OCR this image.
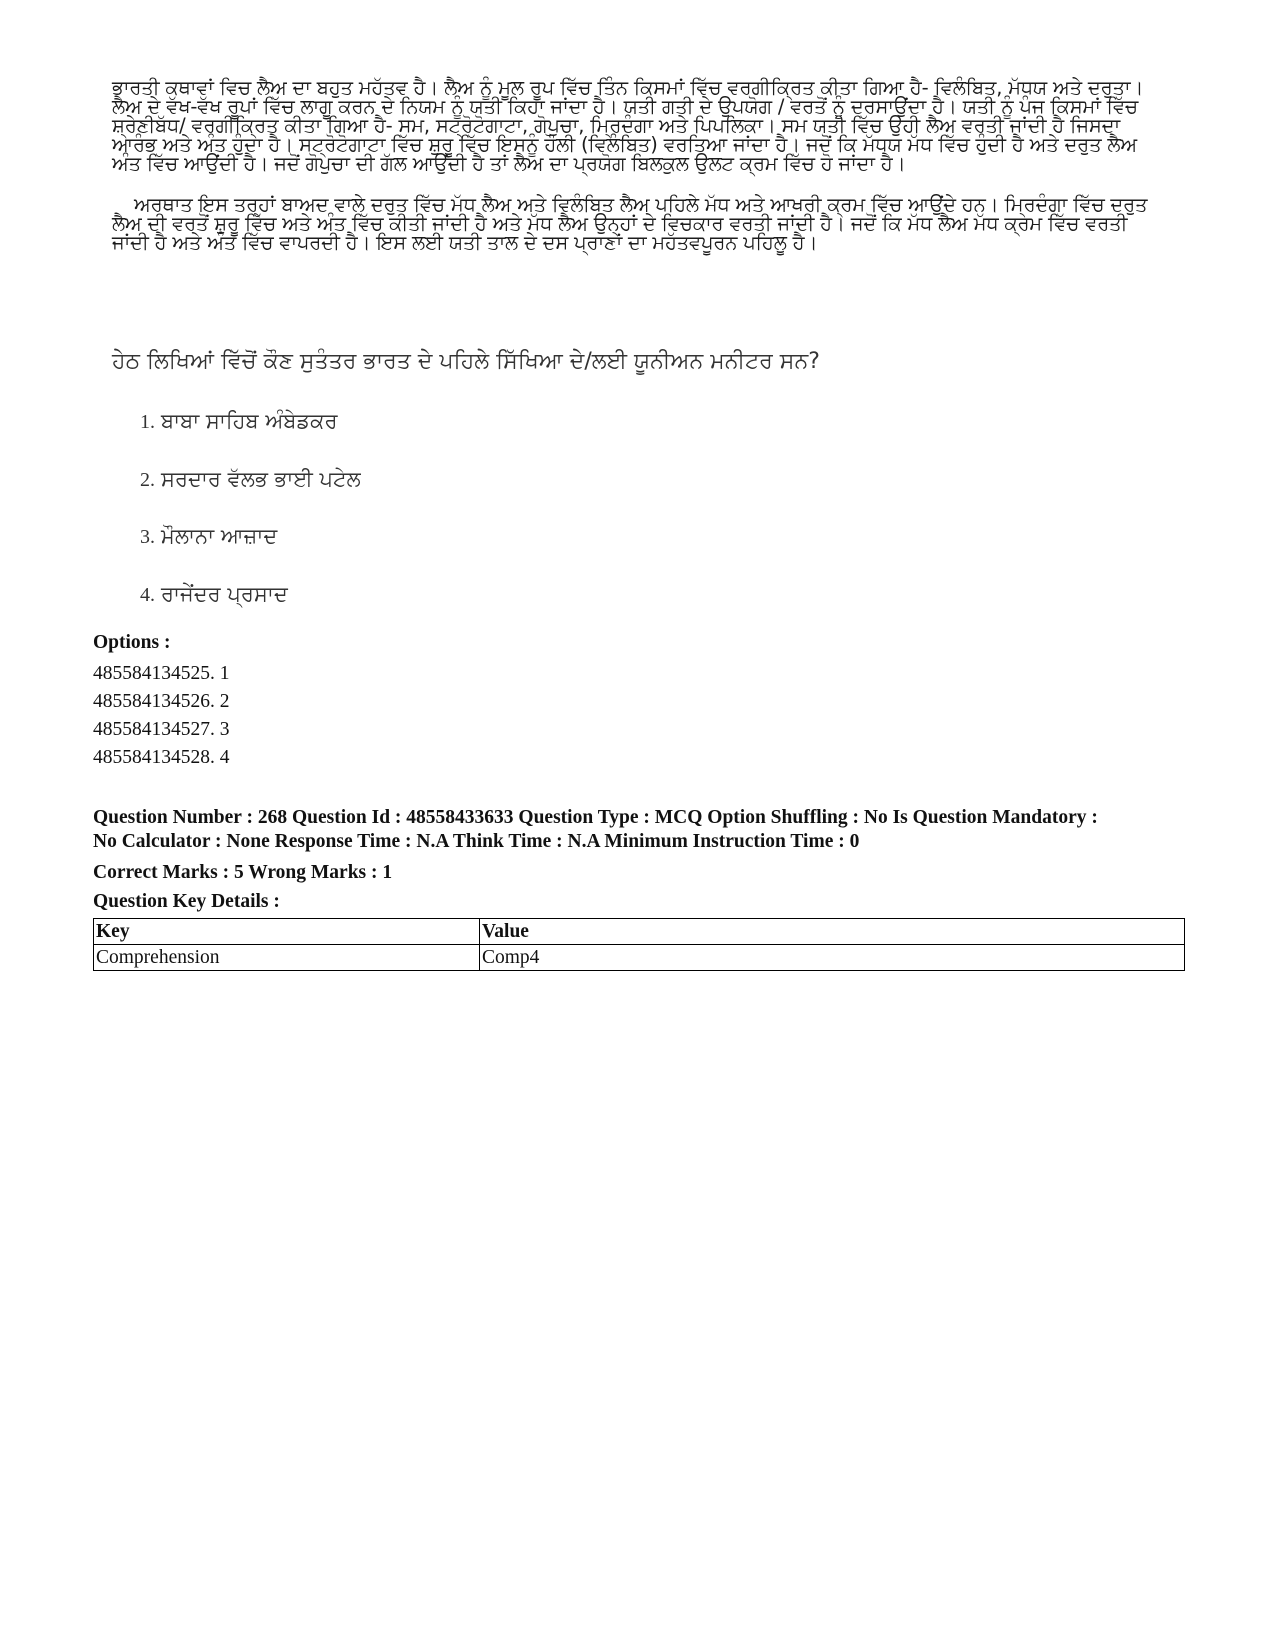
ਭਾਰਤੀ ਕਥਾਵਾਂ ਵਿਚ ਲੈਅ ਦਾ ਬਹੁਤ ਮਹੱਤਵ ਹੈ। ਲੈਅ ਨੂੰ ਮੂਲ ਰੂਪ ਵਿੱਚ ਤਿੰਨ ਕਿਸਮਾਂ ਵਿੱਚ ਵਰਗੀਕ੍ਰਿਤ ਕੀਤਾ ਗਿਆ ਹੈ- ਵਿਲੰਬਿਤ, ਮੱਧਯ ਅਤੇ ਦਰੁਤਾ। ਲੈਅ ਦੇ ਵੱਖ-ਵੱਖ ਰੂਪਾਂ ਵਿੱਚ ਲਾਗੂ ਕਰਨ ਦੇ ਨਿਯਮ ਨੂੰ ਯਤੀ ਕਿਹਾ ਜਾਂਦਾ ਹੈ। ਯਤੀ ਗਤੀ ਦੇ ਉਪਯੋਗ / ਵਰਤੋਂ ਨੂੰ ਦਰਸਾਉਂਦਾ ਹੈ। ਯਤੀ ਨੂੰ ਪੰਜ ਕਿਸਮਾਂ ਵਿੱਚ ਸ਼੍ਰੇਣੀਬੱਧ/ ਵਰਗੀਕ੍ਰਿਤ ਕੀਤਾ ਗਿਆ ਹੈ- ਸਮ, ਸਟ੍ਰੋਟੋਗਾਟਾ, ਗੋਪੁਚਾ, ਮ੍ਰਿਦੰਗਾ ਅਤੇ ਪਿਪਲਿਕਾ। ਸਮ ਯਤੀ ਵਿੱਚ ਉਹੀ ਲੈਅ ਵਰਤੀ ਜਾਂਦੀ ਹੈ ਜਿਸਦਾ ਆਰੰਭ ਅਤੇ ਅੰਤ ਹੁੰਦਾ ਹੈ। ਸਟ੍ਰੋਟੋਗਾਟਾ ਵਿੱਚ ਸ਼ੁਰੂ ਵਿੱਚ ਇਸਨੂੰ ਹੌਲੀ (ਵਿਲੰਬਿਤ) ਵਰਤਿਆ ਜਾਂਦਾ ਹੈ। ਜਦੋਂ ਕਿ ਮੱਧਯ ਮੱਧ ਵਿੱਚ ਹੁੰਦੀ ਹੈ ਅਤੇ ਦਰੁਤ ਲੈਅ ਅੰਤ ਵਿੱਚ ਆਉਂਦੀ ਹੈ। ਜਦੋਂ ਗੋਪੁਚਾ ਦੀ ਗੱਲ ਆਉਂਦੀ ਹੈ ਤਾਂ ਲੈਅ ਦਾ ਪ੍ਰਯੋਗ ਬਿਲਕੁਲ ਉਲਟ ਕ੍ਰਮ ਵਿੱਚ ਹੋ ਜਾਂਦਾ ਹੈ।

ਅਰਥਾਤ ਇਸ ਤਰ੍ਹਾਂ ਬਾਅਦ ਵਾਲੇ ਦਰੁਤ ਵਿੱਚ ਮੱਧ ਲੈਅ ਅਤੇ ਵਿਲੰਬਿਤ ਲੈਅ ਪਹਿਲੇ ਮੱਧ ਅਤੇ ਆਖਰੀ ਕ੍ਰਮ ਵਿੱਚ ਆਉਂਦੇ ਹਨ। ਮ੍ਰਿਦੰਗਾ ਵਿੱਚ ਦਰੁਤ ਲੈਅ ਦੀ ਵਰਤੋਂ ਸ਼ੁਰੂ ਵਿੱਚ ਅਤੇ ਅੰਤ ਵਿੱਚ ਕੀਤੀ ਜਾਂਦੀ ਹੈ ਅਤੇ ਮੱਧ ਲੈਅ ਉਨ੍ਹਾਂ ਦੇ ਵਿਚਕਾਰ ਵਰਤੀ ਜਾਂਦੀ ਹੈ। ਜਦੋਂ ਕਿ ਮੱਧ ਲੈਅ ਮੱਧ ਕ੍ਰਮ ਵਿੱਚ ਵਰਤੀ ਜਾਂਦੀ ਹੈ ਅਤੇ ਅੰਤ ਵਿੱਚ ਵਾਪਰਦੀ ਹੈ। ਇਸ ਲਈ ਯਤੀ ਤਾਲ ਦੇ ਦਸ ਪ੍ਰਾਣਾਂ ਦਾ ਮਹੱਤਵਪੂਰਨ ਪਹਿਲੂ ਹੈ।

ਹੇਠ ਲਿਖਿਆਂ ਵਿੱਚੋਂ ਕੌਣ ਸੁਤੰਤਰ ਭਾਰਤ ਦੇ ਪਹਿਲੇ ਸਿੱਖਿਆ ਦੇ/ਲਈ ਯੂਨੀਅਨ ਮਨੀਟਰ ਸਨ?
1. ਬਾਬਾ ਸਾਹਿਬ ਅੰਬੇਡਕਰ
2. ਸਰਦਾਰ ਵੱਲਭ ਭਾਈ ਪਟੇਲ
3. ਮੌਲਾਨਾ ਆਜ਼ਾਦ
4. ਰਾਜੇਂਦਰ ਪ੍ਰਸਾਦ
Options :
485584134525. 1
485584134526. 2
485584134527. 3
485584134528. 4
Question Number : 268 Question Id : 48558433633 Question Type : MCQ Option Shuffling : No Is Question Mandatory :
No Calculator : None Response Time : N.A Think Time : N.A Minimum Instruction Time : 0
Correct Marks : 5 Wrong Marks : 1
Question Key Details :
Key	Value
Comprehension	Comp4
